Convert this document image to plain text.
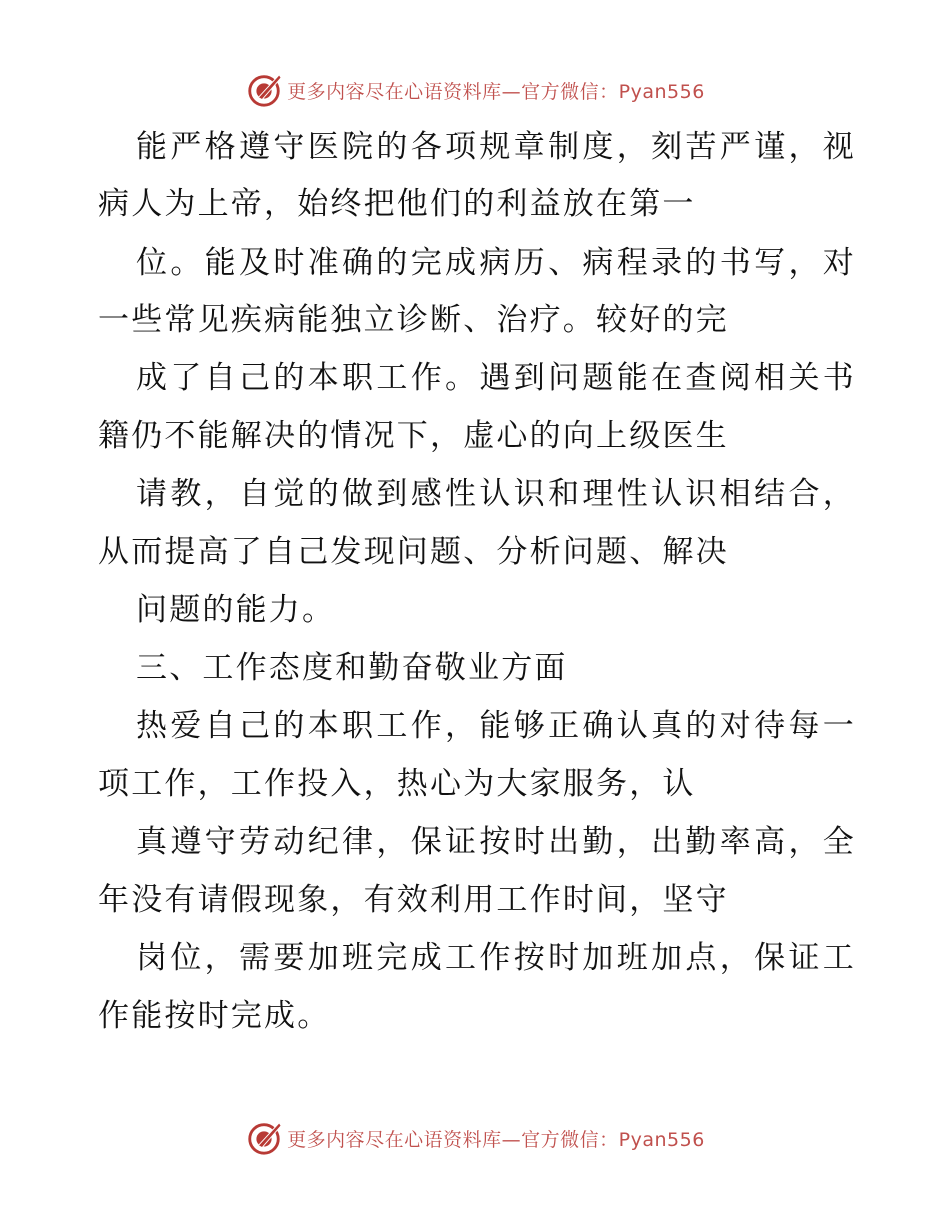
更多内容尽在心语资料库—官方微信：Pyan556
能严格遵守医院的各项规章制度，刻苦严谨，视
病人为上帝，始终把他们的利益放在第一
位。能及时准确的完成病历、病程录的书写，对
一些常见疾病能独立诊断、治疗。较好的完
成了自己的本职工作。遇到问题能在查阅相关书
籍仍不能解决的情况下，虚心的向上级医生
请教，自觉的做到感性认识和理性认识相结合，
从而提高了自己发现问题、分析问题、解决
问题的能力。
三、工作态度和勤奋敬业方面
热爱自己的本职工作，能够正确认真的对待每一
项工作，工作投入，热心为大家服务，认
真遵守劳动纪律，保证按时出勤，出勤率高，全
年没有请假现象，有效利用工作时间，坚守
岗位，需要加班完成工作按时加班加点，保证工
作能按时完成。
更多内容尽在心语资料库—官方微信：Pyan556
